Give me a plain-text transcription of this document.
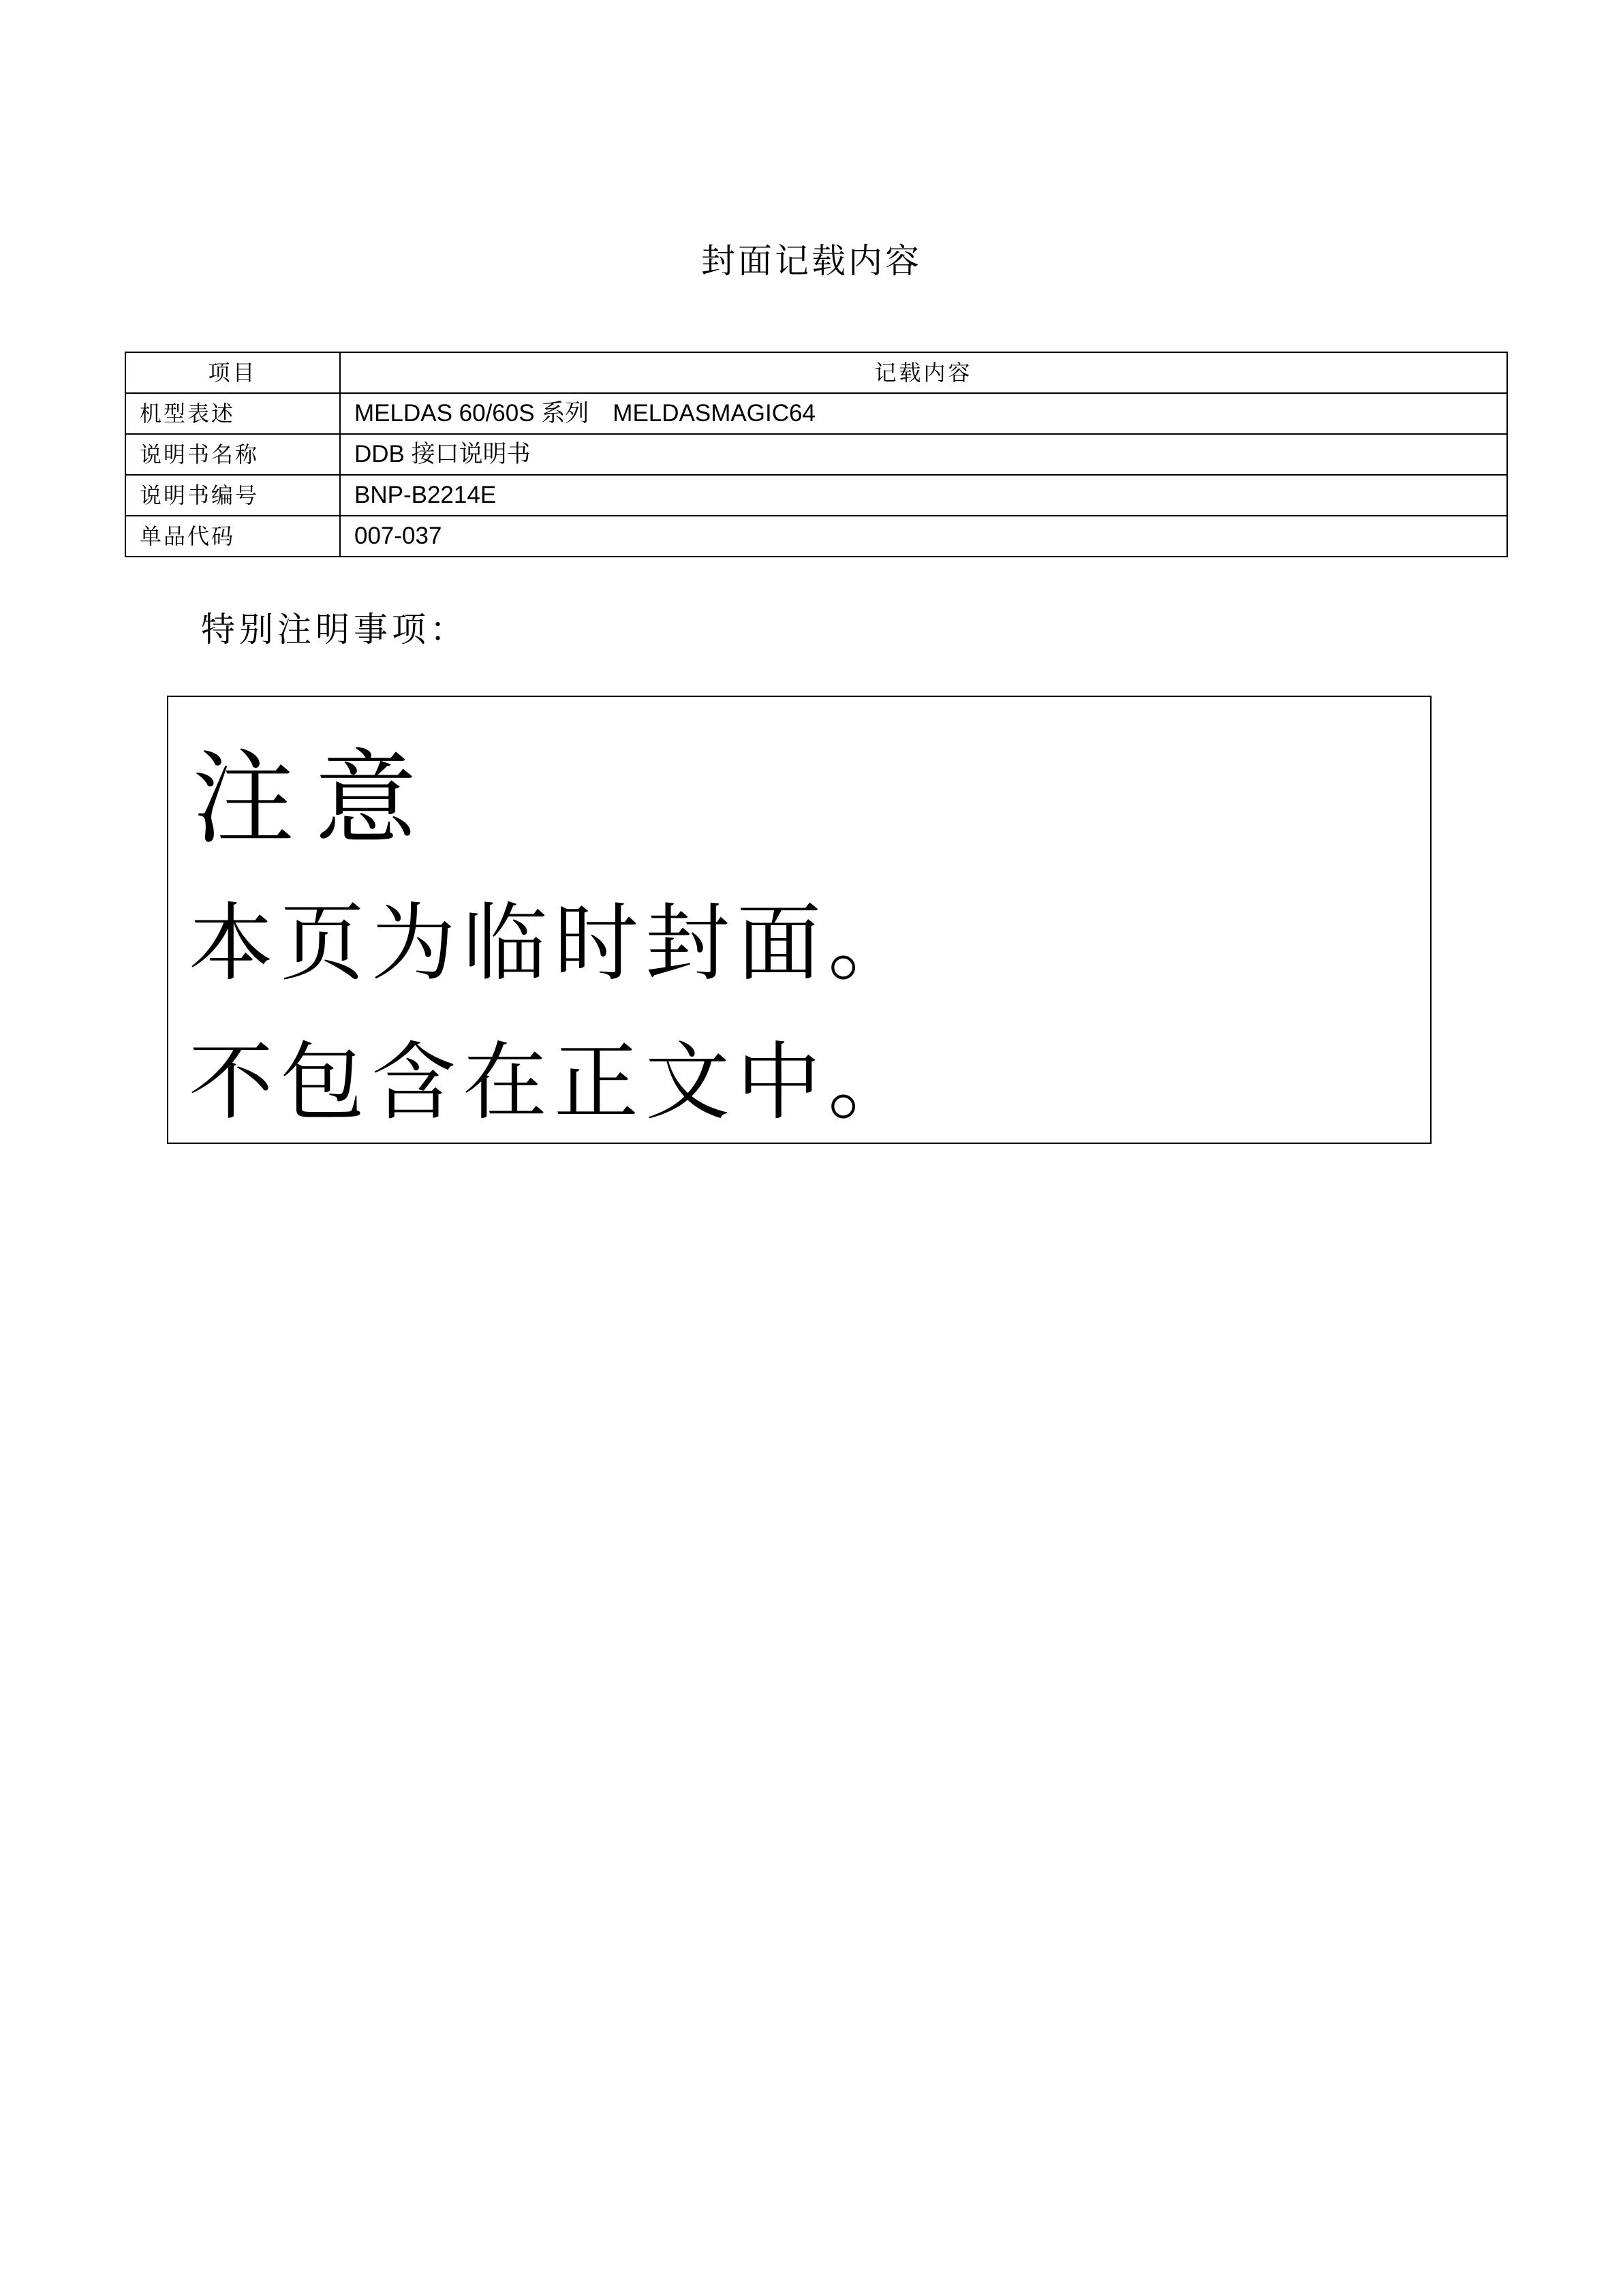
封面记载内容
项目	记载内容
机型表述	MELDAS 60/60S 系列　MELDASMAGIC64
说明书名称	DDB 接口说明书
说明书编号	BNP-B2214E
单品代码	007-037
特别注明事项：
注意
本页为临时封面。
不包含在正文中。
